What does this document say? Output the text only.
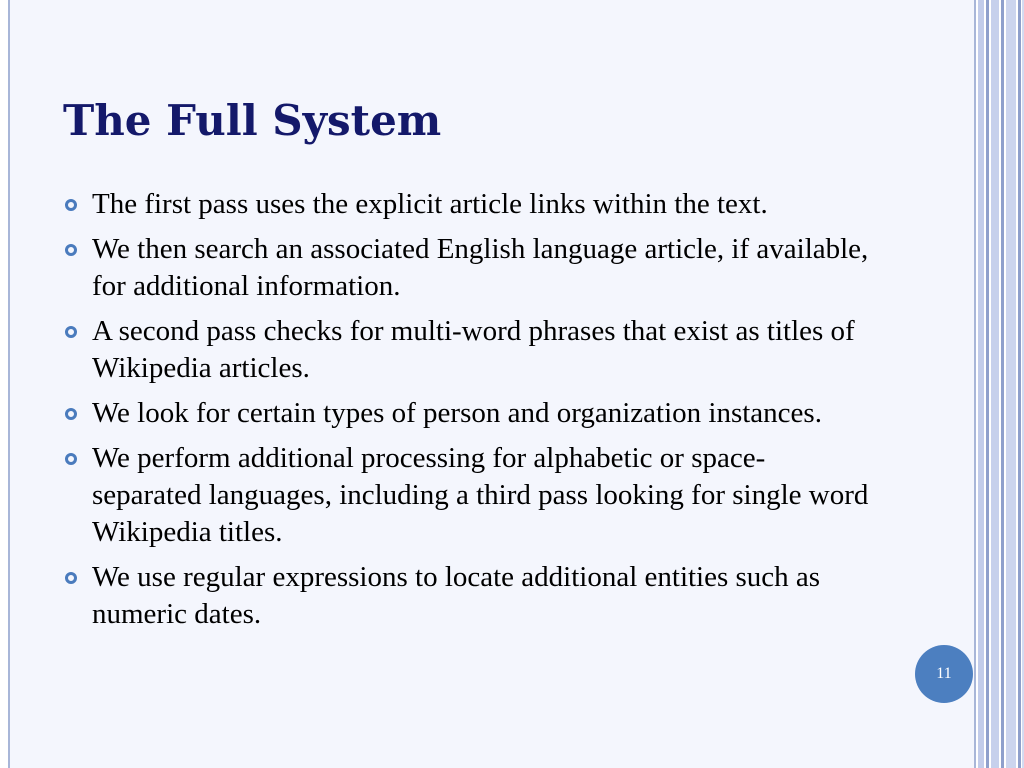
The Full System
The first pass uses the explicit article links within the text.
We then search an associated English language article, if available, for additional information.
A second pass checks for multi-word phrases that exist as titles of Wikipedia articles.
We look for certain types of person and organization instances.
We perform additional processing for alphabetic or space-separated languages, including a third pass looking for single word Wikipedia titles.
We use regular expressions to locate additional entities such as numeric dates.
11
